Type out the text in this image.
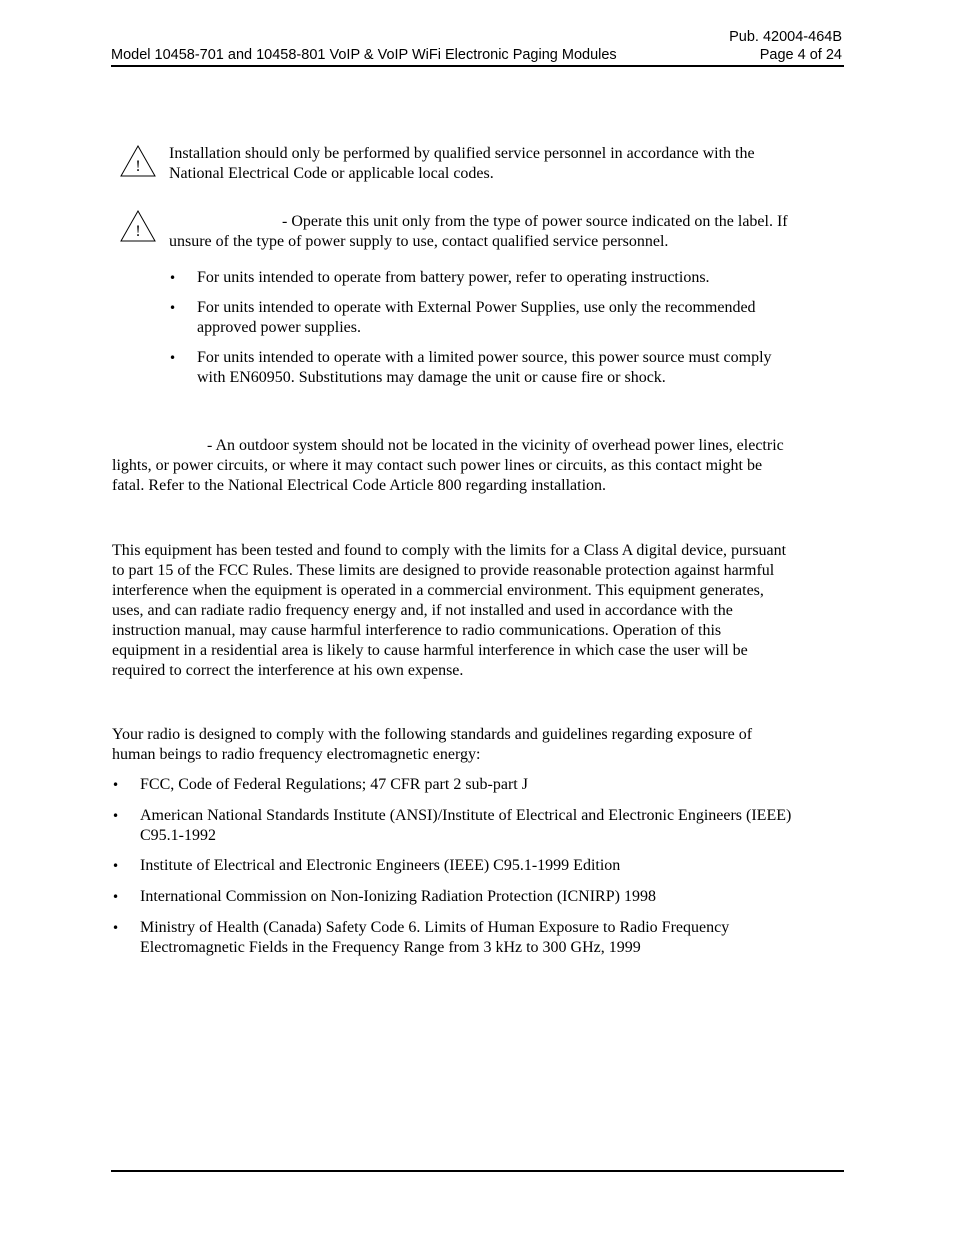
Pub. 42004-464B
Model 10458-701 and 10458-801 VoIP & VoIP WiFi Electronic Paging Modules	Page 4 of 24
!
Installation should only be performed by qualified service personnel in accordance with the
National Electrical Code or applicable local codes.
!
- Operate this unit only from the type of power source indicated on the label. If
unsure of the type of power supply to use, contact qualified service personnel.
• For units intended to operate from battery power, refer to operating instructions.
• For units intended to operate with External Power Supplies, use only the recommended
approved power supplies.
• For units intended to operate with a limited power source, this power source must comply
with EN60950. Substitutions may damage the unit or cause fire or shock.
- An outdoor system should not be located in the vicinity of overhead power lines, electric
lights, or power circuits, or where it may contact such power lines or circuits, as this contact might be
fatal. Refer to the National Electrical Code Article 800 regarding installation.
This equipment has been tested and found to comply with the limits for a Class A digital device, pursuant
to part 15 of the FCC Rules. These limits are designed to provide reasonable protection against harmful
interference when the equipment is operated in a commercial environment. This equipment generates,
uses, and can radiate radio frequency energy and, if not installed and used in accordance with the
instruction manual, may cause harmful interference to radio communications. Operation of this
equipment in a residential area is likely to cause harmful interference in which case the user will be
required to correct the interference at his own expense.
Your radio is designed to comply with the following standards and guidelines regarding exposure of
human beings to radio frequency electromagnetic energy:
• FCC, Code of Federal Regulations; 47 CFR part 2 sub-part J
• American National Standards Institute (ANSI)/Institute of Electrical and Electronic Engineers (IEEE)
C95.1-1992
• Institute of Electrical and Electronic Engineers (IEEE) C95.1-1999 Edition
• International Commission on Non-Ionizing Radiation Protection (ICNIRP) 1998
• Ministry of Health (Canada) Safety Code 6. Limits of Human Exposure to Radio Frequency
Electromagnetic Fields in the Frequency Range from 3 kHz to 300 GHz, 1999
